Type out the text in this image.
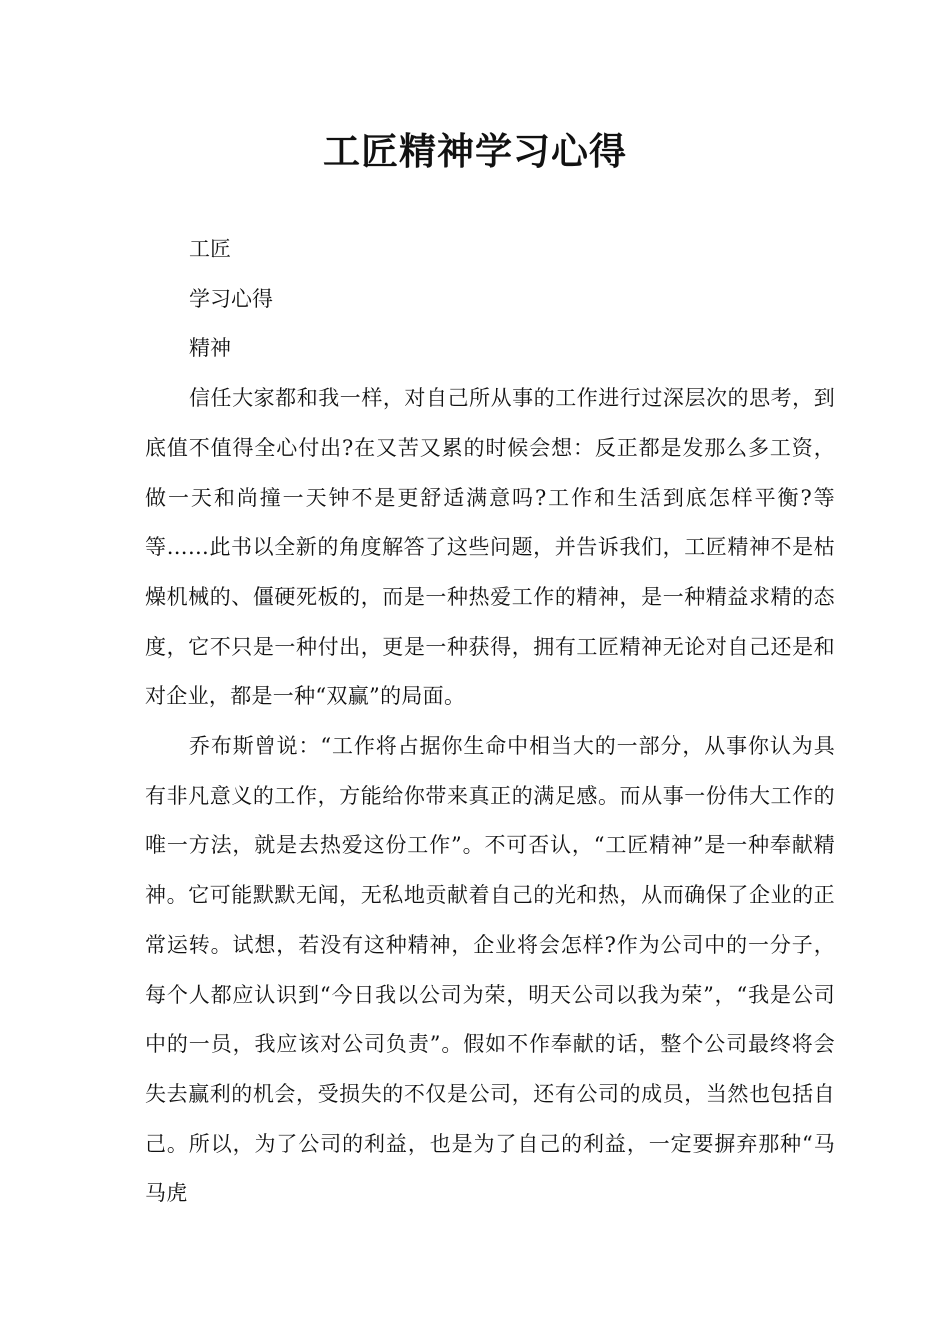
工匠精神学习心得

工匠

学习心得

精神

信任大家都和我一样，对自己所从事的工作进行过深层次的思考，到底值不值得全心付出?在又苦又累的时候会想：反正都是发那么多工资，做一天和尚撞一天钟不是更舒适满意吗?工作和生活到底怎样平衡?等等……此书以全新的角度解答了这些问题，并告诉我们，工匠精神不是枯燥机械的、僵硬死板的，而是一种热爱工作的精神，是一种精益求精的态度，它不只是一种付出，更是一种获得，拥有工匠精神无论对自己还是和对企业，都是一种“双赢”的局面。

乔布斯曾说：“工作将占据你生命中相当大的一部分，从事你认为具有非凡意义的工作，方能给你带来真正的满足感。而从事一份伟大工作的唯一方法，就是去热爱这份工作”。不可否认，“工匠精神”是一种奉献精神。它可能默默无闻，无私地贡献着自己的光和热，从而确保了企业的正常运转。试想，若没有这种精神，企业将会怎样?作为公司中的一分子，每个人都应认识到“今日我以公司为荣，明天公司以我为荣”，“我是公司中的一员，我应该对公司负责”。假如不作奉献的话，整个公司最终将会失去赢利的机会，受损失的不仅是公司，还有公司的成员，当然也包括自己。所以，为了公司的利益，也是为了自己的利益，一定要摒弃那种“马马虎
